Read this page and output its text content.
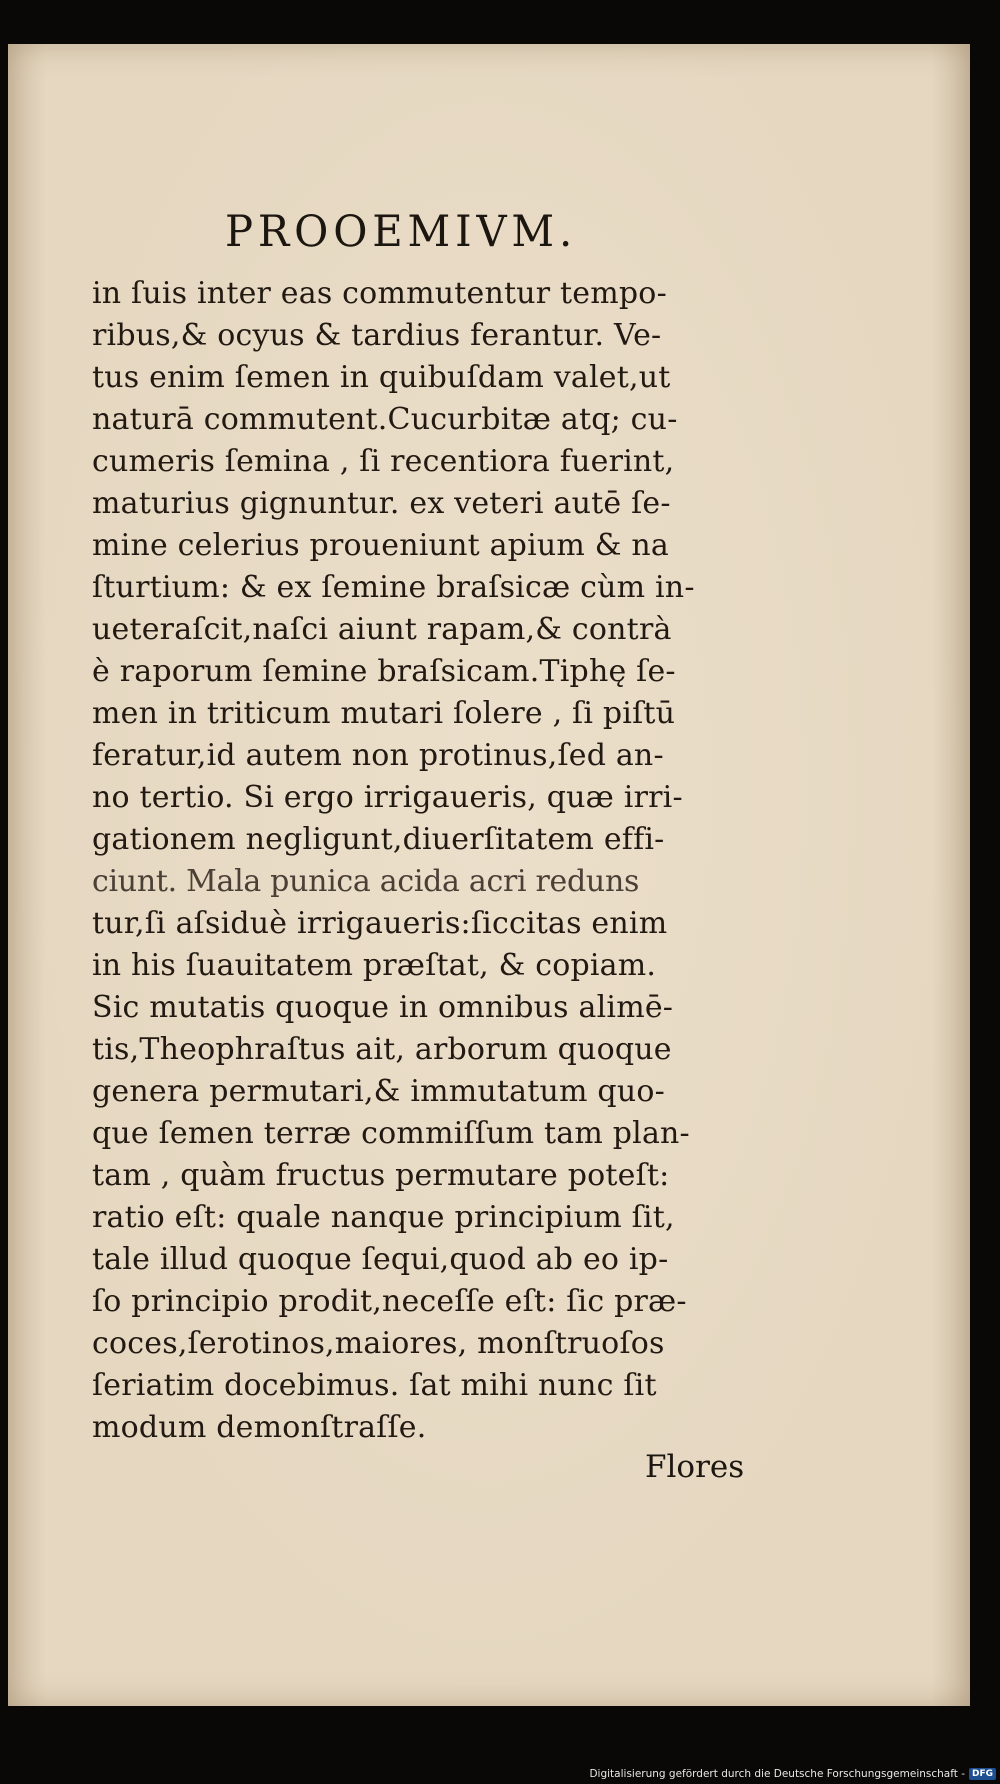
PROOEMIVM.
in ſuis inter eas commutentur tempo-
ribus,& ocyus & tardius ferantur. Ve-
tus enim ſemen in quibuſdam valet,ut
naturā commutent.Cucurbitæ atq; cu-
cumeris ſemina , ſi recentiora fuerint,
maturius gignuntur. ex veteri autē ſe-
mine celerius proueniunt apium & na
ſturtium: & ex ſemine braſsicæ cùm in-
ueteraſcit,naſci aiunt rapam,& contrà
è raporum ſemine braſsicam.Tiphę ſe-
men in triticum mutari ſolere , ſi piſtū
feratur,id autem non protinus,ſed an-
no tertio. Si ergo irrigaueris, quæ irri-
gationem negligunt,diuerſitatem effi-
ciunt. Mala punica acida acri reduns
tur,ſi aſsiduè irrigaueris:ſiccitas enim
in his ſuauitatem præſtat, & copiam.
Sic mutatis quoque in omnibus alimē-
tis,Theophraſtus ait, arborum quoque
genera permutari,& immutatum quo-
que ſemen terræ commiſſum tam plan-
tam , quàm fructus permutare poteſt:
ratio eſt: quale nanque principium ſit,
tale illud quoque ſequi,quod ab eo ip-
ſo principio prodit,neceſſe eſt: ſic præ-
coces,ſerotinos,maiores, monſtruoſos
ſeriatim docebimus. ſat mihi nunc ſit
modum demonſtraſſe.

Flores

Digitalisierung gefördert durch die Deutsche Forschungsgemeinschaft - DFG
